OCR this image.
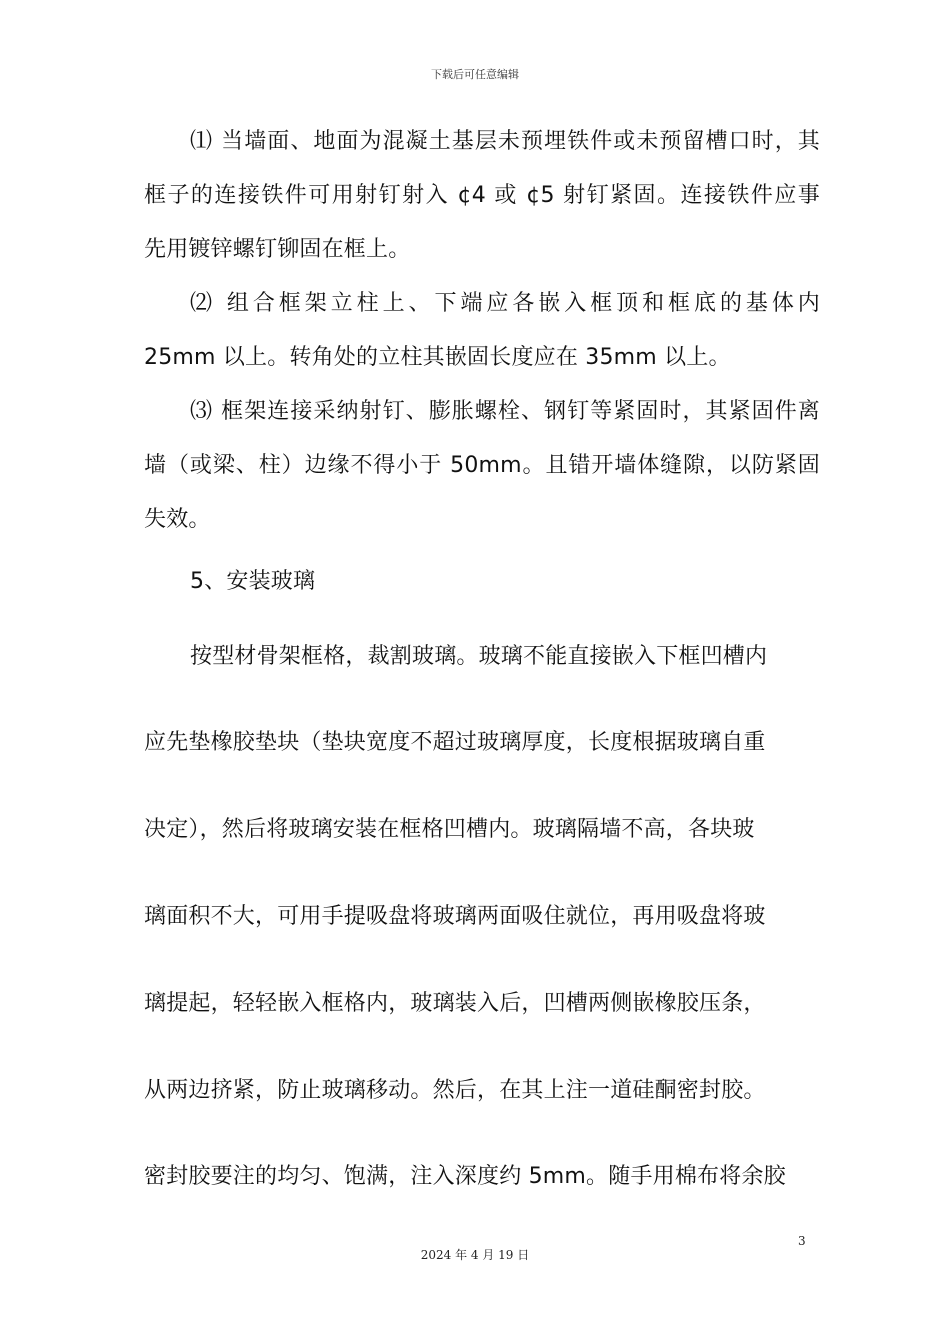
下载后可任意编辑
⑴ 当墙面、地面为混凝土基层未预埋铁件或未预留槽口时，其
框子的连接铁件可用射钉射入 ¢4 或 ¢5 射钉紧固。连接铁件应事
先用镀锌螺钉铆固在框上。
⑵ 组合框架立柱上、下端应各嵌入框顶和框底的基体内
25mm 以上。转角处的立柱其嵌固长度应在 35mm 以上。
⑶ 框架连接采纳射钉、膨胀螺栓、钢钉等紧固时，其紧固件离
墙（或梁、柱）边缘不得小于 50mm。且错开墙体缝隙，以防紧固
失效。
5、安装玻璃
按型材骨架框格，裁割玻璃。玻璃不能直接嵌入下框凹槽内
应先垫橡胶垫块（垫块宽度不超过玻璃厚度，长度根据玻璃自重
决定），然后将玻璃安装在框格凹槽内。玻璃隔墙不高，各块玻
璃面积不大，可用手提吸盘将玻璃两面吸住就位，再用吸盘将玻
璃提起，轻轻嵌入框格内，玻璃装入后，凹槽两侧嵌橡胶压条，
从两边挤紧，防止玻璃移动。然后，在其上注一道硅酮密封胶。
密封胶要注的均匀、饱满，注入深度约 5mm。随手用棉布将余胶
3
2024 年 4 月 19 日
